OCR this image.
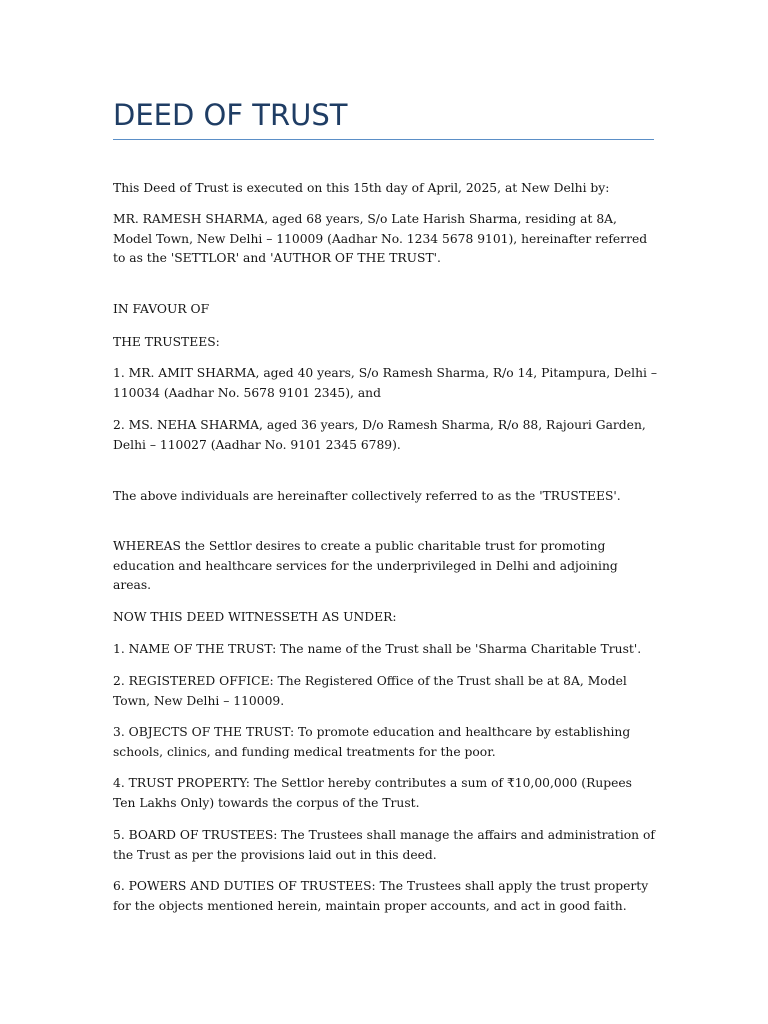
DEED OF TRUST

This Deed of Trust is executed on this 15th day of April, 2025, at New Delhi by:

MR. RAMESH SHARMA, aged 68 years, S/o Late Harish Sharma, residing at 8A, Model Town, New Delhi – 110009 (Aadhar No. 1234 5678 9101), hereinafter referred to as the 'SETTLOR' and 'AUTHOR OF THE TRUST'.

IN FAVOUR OF

THE TRUSTEES:

1. MR. AMIT SHARMA, aged 40 years, S/o Ramesh Sharma, R/o 14, Pitampura, Delhi – 110034 (Aadhar No. 5678 9101 2345), and

2. MS. NEHA SHARMA, aged 36 years, D/o Ramesh Sharma, R/o 88, Rajouri Garden, Delhi – 110027 (Aadhar No. 9101 2345 6789).

The above individuals are hereinafter collectively referred to as the 'TRUSTEES'.

WHEREAS the Settlor desires to create a public charitable trust for promoting education and healthcare services for the underprivileged in Delhi and adjoining areas.

NOW THIS DEED WITNESSETH AS UNDER:

1. NAME OF THE TRUST: The name of the Trust shall be 'Sharma Charitable Trust'.

2. REGISTERED OFFICE: The Registered Office of the Trust shall be at 8A, Model Town, New Delhi – 110009.

3. OBJECTS OF THE TRUST: To promote education and healthcare by establishing schools, clinics, and funding medical treatments for the poor.

4. TRUST PROPERTY: The Settlor hereby contributes a sum of ₹10,00,000 (Rupees Ten Lakhs Only) towards the corpus of the Trust.

5. BOARD OF TRUSTEES: The Trustees shall manage the affairs and administration of the Trust as per the provisions laid out in this deed.

6. POWERS AND DUTIES OF TRUSTEES: The Trustees shall apply the trust property for the objects mentioned herein, maintain proper accounts, and act in good faith.
